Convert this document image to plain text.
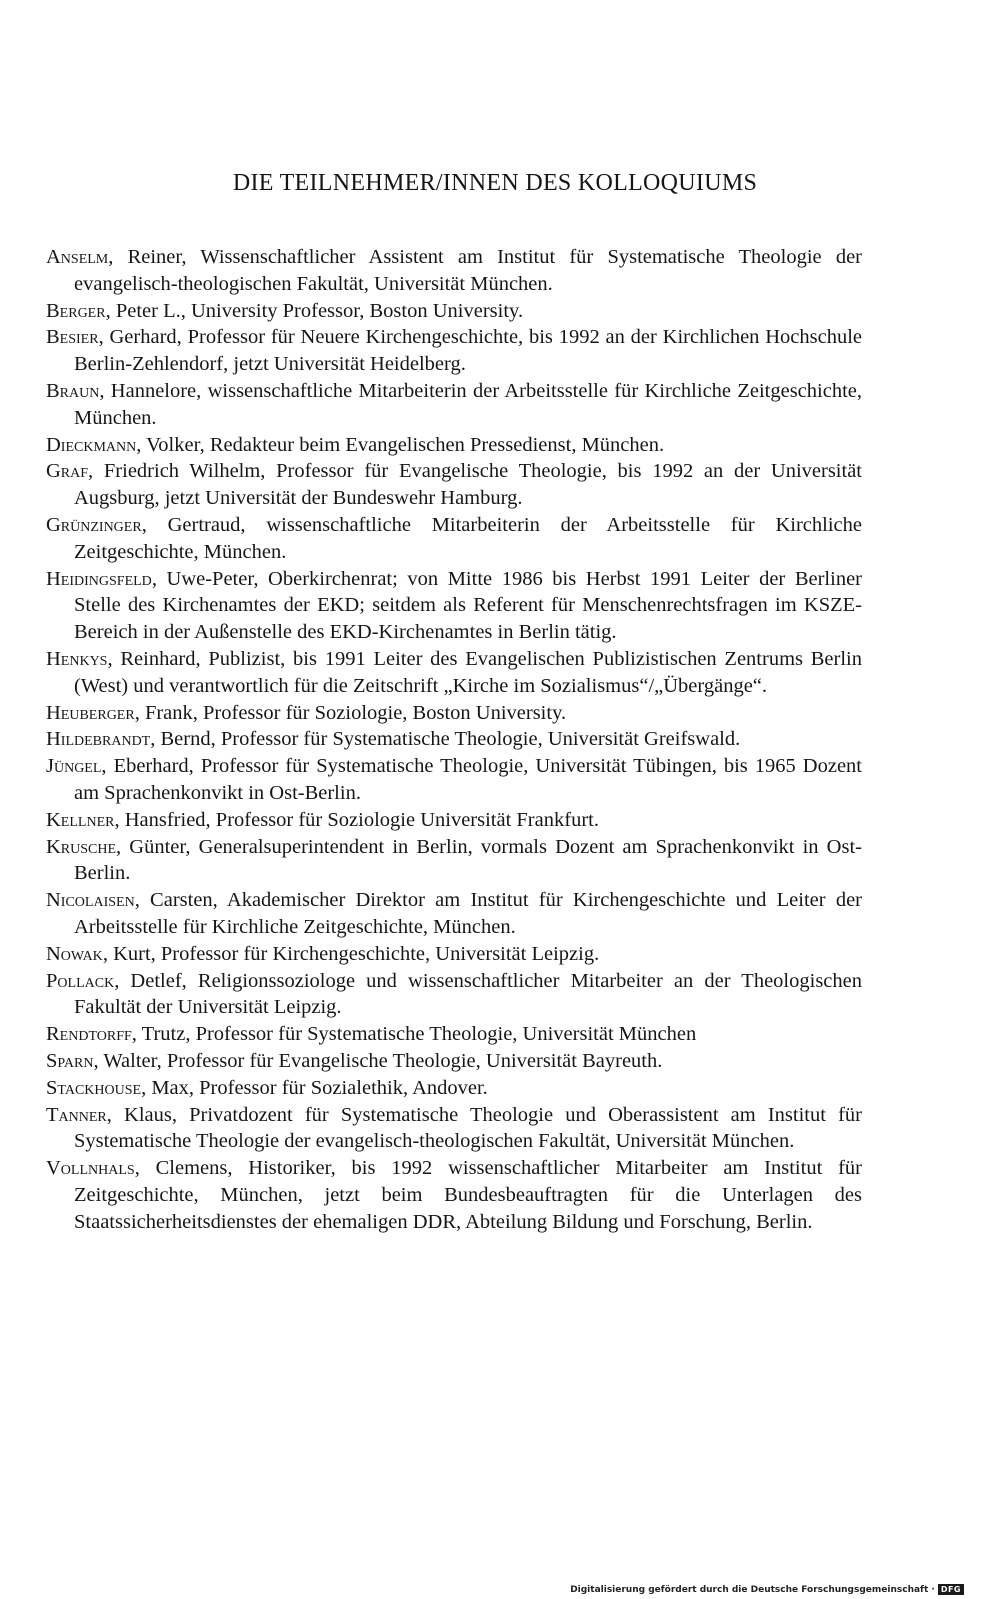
DIE TEILNEHMER/INNEN DES KOLLOQUIUMS

Anselm, Reiner, Wissenschaftlicher Assistent am Institut für Systematische Theologie der evangelisch-theologischen Fakultät, Universität München.

Berger, Peter L., University Professor, Boston University.

Besier, Gerhard, Professor für Neuere Kirchengeschichte, bis 1992 an der Kirchlichen Hochschule Berlin-Zehlendorf, jetzt Universität Heidelberg.

Braun, Hannelore, wissenschaftliche Mitarbeiterin der Arbeitsstelle für Kirchliche Zeitgeschichte, München.

Dieckmann, Volker, Redakteur beim Evangelischen Pressedienst, München.

Graf, Friedrich Wilhelm, Professor für Evangelische Theologie, bis 1992 an der Universität Augsburg, jetzt Universität der Bundeswehr Hamburg.

Grünzinger, Gertraud, wissenschaftliche Mitarbeiterin der Arbeitsstelle für Kirchliche Zeitgeschichte, München.

Heidingsfeld, Uwe-Peter, Oberkirchenrat; von Mitte 1986 bis Herbst 1991 Leiter der Berliner Stelle des Kirchenamtes der EKD; seitdem als Referent für Menschenrechtsfragen im KSZE-Bereich in der Außenstelle des EKD-Kirchenamtes in Berlin tätig.

Henkys, Reinhard, Publizist, bis 1991 Leiter des Evangelischen Publizistischen Zentrums Berlin (West) und verantwortlich für die Zeitschrift „Kirche im Sozialismus“/„Übergänge“.

Heuberger, Frank, Professor für Soziologie, Boston University.

Hildebrandt, Bernd, Professor für Systematische Theologie, Universität Greifswald.

Jüngel, Eberhard, Professor für Systematische Theologie, Universität Tübingen, bis 1965 Dozent am Sprachenkonvikt in Ost-Berlin.

Kellner, Hansfried, Professor für Soziologie Universität Frankfurt.

Krusche, Günter, Generalsuperintendent in Berlin, vormals Dozent am Sprachenkonvikt in Ost-Berlin.

Nicolaisen, Carsten, Akademischer Direktor am Institut für Kirchengeschichte und Leiter der Arbeitsstelle für Kirchliche Zeitgeschichte, München.

Nowak, Kurt, Professor für Kirchengeschichte, Universität Leipzig.

Pollack, Detlef, Religionssoziologe und wissenschaftlicher Mitarbeiter an der Theologischen Fakultät der Universität Leipzig.

Rendtorff, Trutz, Professor für Systematische Theologie, Universität München

Sparn, Walter, Professor für Evangelische Theologie, Universität Bayreuth.

Stackhouse, Max, Professor für Sozialethik, Andover.

Tanner, Klaus, Privatdozent für Systematische Theologie und Oberassistent am Institut für Systematische Theologie der evangelisch-theologischen Fakultät, Universität München.

Vollnhals, Clemens, Historiker, bis 1992 wissenschaftlicher Mitarbeiter am Institut für Zeitgeschichte, München, jetzt beim Bundesbeauftragten für die Unterlagen des Staatssicherheitsdienstes der ehemaligen DDR, Abteilung Bildung und Forschung, Berlin.

Digitalisierung gefördert durch die Deutsche Forschungsgemeinschaft · DFG
